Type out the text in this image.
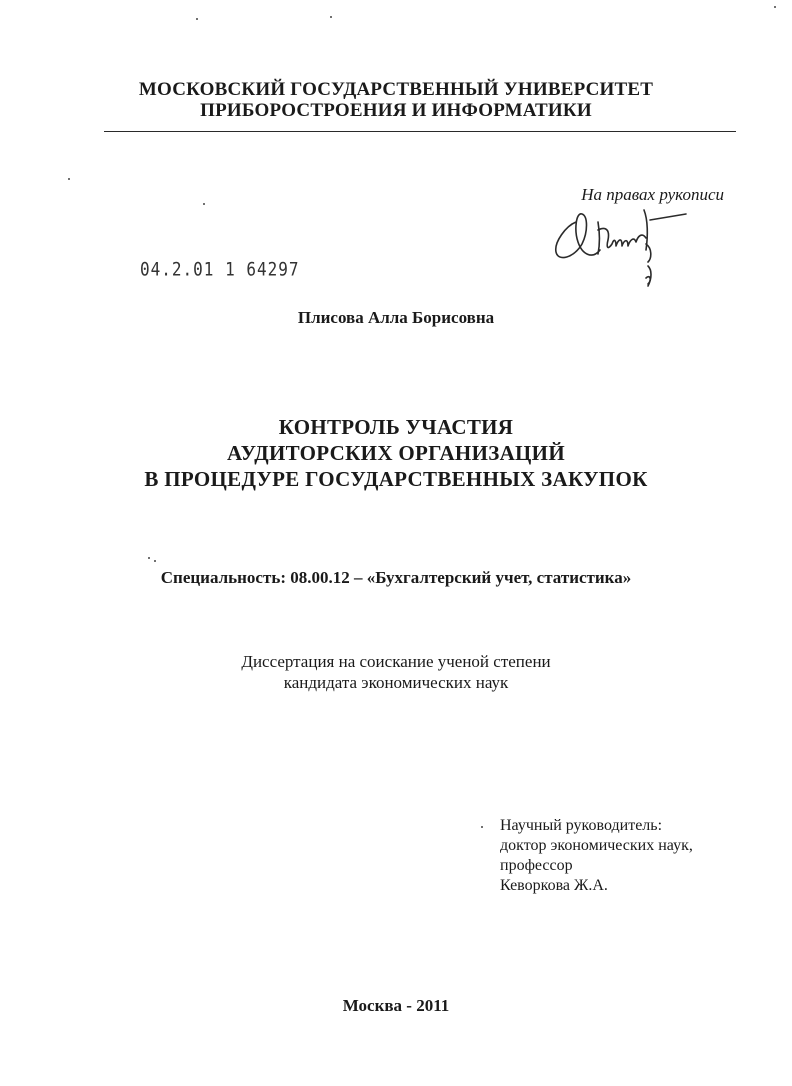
МОСКОВСКИЙ ГОСУДАРСТВЕННЫЙ УНИВЕРСИТЕТ
ПРИБОРОСТРОЕНИЯ И ИНФОРМАТИКИ
На правах рукописи
04.2.01 1 64297
Плисова Алла Борисовна
КОНТРОЛЬ УЧАСТИЯ
АУДИТОРСКИХ ОРГАНИЗАЦИЙ
В ПРОЦЕДУРЕ ГОСУДАРСТВЕННЫХ ЗАКУПОК
Специальность: 08.00.12 – «Бухгалтерский учет, статистика»
Диссертация на соискание ученой степени
кандидата экономических наук
Научный руководитель:
доктор экономических наук,
профессор
Кеворкова Ж.А.
Москва - 2011
